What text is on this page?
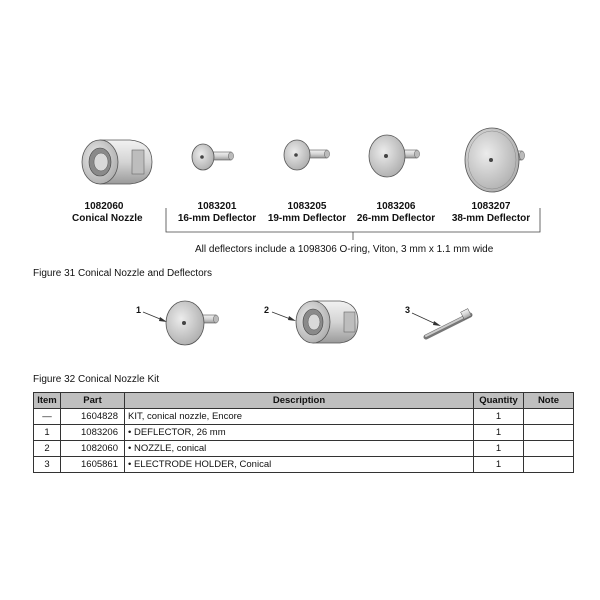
1082060
Conical Nozzle
1083201
16-mm Deflector
1083205
19-mm Deflector
1083206
26-mm Deflector
1083207
38-mm Deflector
All deflectors include a 1098306 O-ring, Viton, 3 mm x 1.1 mm wide
Figure 31 Conical Nozzle and Deflectors
1	2	3
Figure 32 Conical Nozzle Kit
Item	Part	Description	Quantity	Note
—	1604828	KIT, conical nozzle, Encore	1	
1	1083206	• DEFLECTOR, 26 mm	1	
2	1082060	• NOZZLE, conical	1	
3	1605861	• ELECTRODE HOLDER, Conical	1	
